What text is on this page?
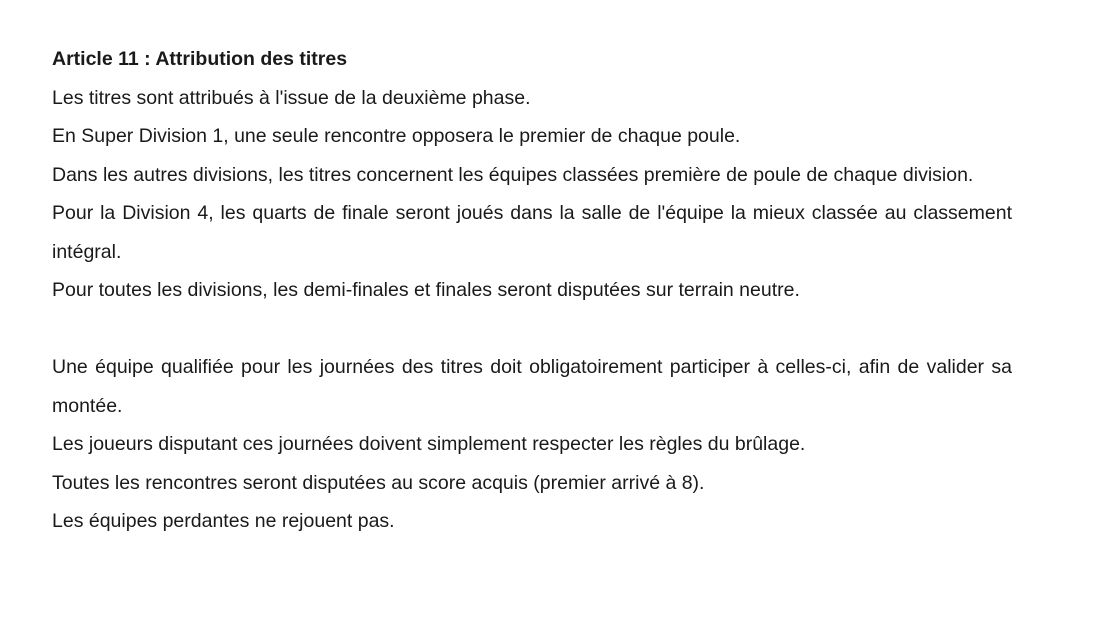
Article 11 : Attribution des titres

Les titres sont attribués à l'issue de la deuxième phase.

En Super Division 1, une seule rencontre opposera le premier de chaque poule.

Dans les autres divisions, les titres concernent les équipes classées première de poule de chaque division.

Pour la Division 4, les quarts de finale seront joués dans la salle de l'équipe la mieux classée au classement intégral.

Pour toutes les divisions, les demi-finales et finales seront disputées sur terrain neutre.

Une équipe qualifiée pour les journées des titres doit obligatoirement participer à celles-ci, afin de valider sa montée.

Les joueurs disputant ces journées doivent simplement respecter les règles du brûlage.

Toutes les rencontres seront disputées au score acquis (premier arrivé à 8).

Les équipes perdantes ne rejouent pas.
